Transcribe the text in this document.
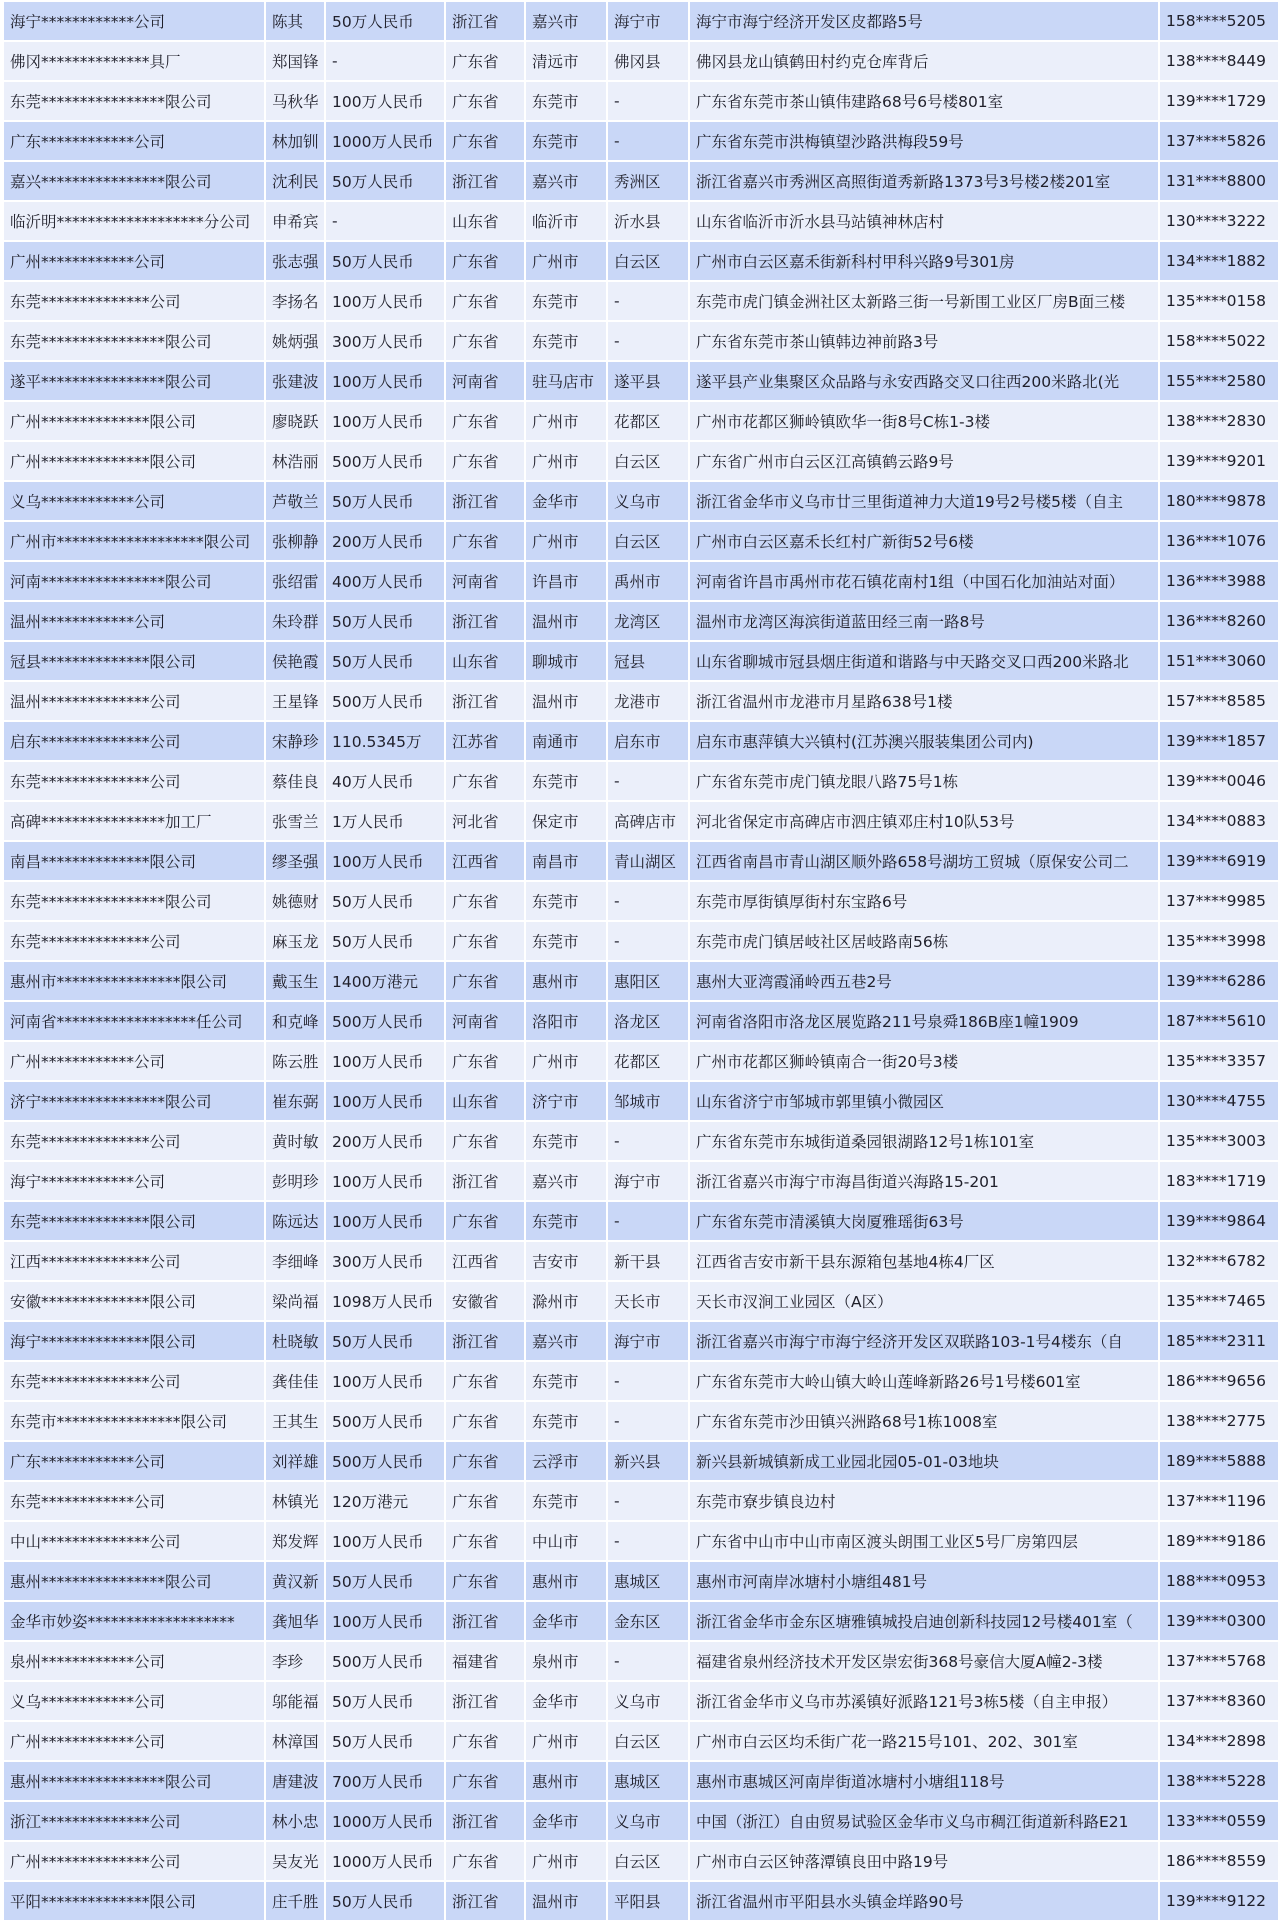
海宁************公司	陈其	50万人民币	浙江省	嘉兴市	海宁市	海宁市海宁经济开发区皮都路5号	158****5205
佛冈**************具厂	郑国锋	-	广东省	清远市	佛冈县	佛冈县龙山镇鹤田村约克仓库背后	138****8449
东莞****************限公司	马秋华	100万人民币	广东省	东莞市	-	广东省东莞市茶山镇伟建路68号6号楼801室	139****1729
广东************公司	林加钏	1000万人民币	广东省	东莞市	-	广东省东莞市洪梅镇望沙路洪梅段59号	137****5826
嘉兴****************限公司	沈利民	50万人民币	浙江省	嘉兴市	秀洲区	浙江省嘉兴市秀洲区高照街道秀新路1373号3号楼2楼201室	131****8800
临沂明*******************分公司	申希宾	-	山东省	临沂市	沂水县	山东省临沂市沂水县马站镇神林店村	130****3222
广州************公司	张志强	50万人民币	广东省	广州市	白云区	广州市白云区嘉禾街新科村甲科兴路9号301房	134****1882
东莞**************公司	李扬名	100万人民币	广东省	东莞市	-	东莞市虎门镇金洲社区太新路三街一号新围工业区厂房B面三楼	135****0158
东莞****************限公司	姚炳强	300万人民币	广东省	东莞市	-	广东省东莞市茶山镇韩边神前路3号	158****5022
遂平****************限公司	张建波	100万人民币	河南省	驻马店市	遂平县	遂平县产业集聚区众品路与永安西路交叉口往西200米路北(光	155****2580
广州**************限公司	廖晓跃	100万人民币	广东省	广州市	花都区	广州市花都区狮岭镇欧华一街8号C栋1-3楼	138****2830
广州**************限公司	林浩丽	500万人民币	广东省	广州市	白云区	广东省广州市白云区江高镇鹤云路9号	139****9201
义乌************公司	芦敬兰	50万人民币	浙江省	金华市	义乌市	浙江省金华市义乌市廿三里街道神力大道19号2号楼5楼（自主	180****9878
广州市*******************限公司	张柳静	200万人民币	广东省	广州市	白云区	广州市白云区嘉禾长红村广新街52号6楼	136****1076
河南****************限公司	张绍雷	400万人民币	河南省	许昌市	禹州市	河南省许昌市禹州市花石镇花南村1组（中国石化加油站对面）	136****3988
温州************公司	朱玲群	50万人民币	浙江省	温州市	龙湾区	温州市龙湾区海滨街道蓝田经三南一路8号	136****8260
冠县**************限公司	侯艳霞	50万人民币	山东省	聊城市	冠县	山东省聊城市冠县烟庄街道和谐路与中天路交叉口西200米路北	151****3060
温州**************公司	王星锋	500万人民币	浙江省	温州市	龙港市	浙江省温州市龙港市月星路638号1楼	157****8585
启东**************公司	宋静珍	110.5345万	江苏省	南通市	启东市	启东市惠萍镇大兴镇村(江苏澳兴服装集团公司内)	139****1857
东莞**************公司	蔡佳良	40万人民币	广东省	东莞市	-	广东省东莞市虎门镇龙眼八路75号1栋	139****0046
高碑****************加工厂	张雪兰	1万人民币	河北省	保定市	高碑店市	河北省保定市高碑店市泗庄镇邓庄村10队53号	134****0883
南昌**************限公司	缪圣强	100万人民币	江西省	南昌市	青山湖区	江西省南昌市青山湖区顺外路658号湖坊工贸城（原保安公司二	139****6919
东莞****************限公司	姚德财	50万人民币	广东省	东莞市	-	东莞市厚街镇厚街村东宝路6号	137****9985
东莞**************公司	麻玉龙	50万人民币	广东省	东莞市	-	东莞市虎门镇居岐社区居岐路南56栋	135****3998
惠州市****************限公司	戴玉生	1400万港元	广东省	惠州市	惠阳区	惠州大亚湾霞涌岭西五巷2号	139****6286
河南省******************任公司	和克峰	500万人民币	河南省	洛阳市	洛龙区	河南省洛阳市洛龙区展览路211号泉舜186B座1幢1909	187****5610
广州************公司	陈云胜	100万人民币	广东省	广州市	花都区	广州市花都区狮岭镇南合一街20号3楼	135****3357
济宁****************限公司	崔东弼	100万人民币	山东省	济宁市	邹城市	山东省济宁市邹城市郭里镇小微园区	130****4755
东莞**************公司	黄时敏	200万人民币	广东省	东莞市	-	广东省东莞市东城街道桑园银湖路12号1栋101室	135****3003
海宁************公司	彭明珍	100万人民币	浙江省	嘉兴市	海宁市	浙江省嘉兴市海宁市海昌街道兴海路15-201	183****1719
东莞**************限公司	陈远达	100万人民币	广东省	东莞市	-	广东省东莞市清溪镇大岗厦雅瑶街63号	139****9864
江西**************公司	李细峰	300万人民币	江西省	吉安市	新干县	江西省吉安市新干县东源箱包基地4栋4厂区	132****6782
安徽**************限公司	梁尚福	1098万人民币	安徽省	滁州市	天长市	天长市汊涧工业园区（A区）	135****7465
海宁**************限公司	杜晓敏	50万人民币	浙江省	嘉兴市	海宁市	浙江省嘉兴市海宁市海宁经济开发区双联路103-1号4楼东（自	185****2311
东莞**************公司	龚佳佳	100万人民币	广东省	东莞市	-	广东省东莞市大岭山镇大岭山莲峰新路26号1号楼601室	186****9656
东莞市****************限公司	王其生	500万人民币	广东省	东莞市	-	广东省东莞市沙田镇兴洲路68号1栋1008室	138****2775
广东************公司	刘祥雄	500万人民币	广东省	云浮市	新兴县	新兴县新城镇新成工业园北园05-01-03地块	189****5888
东莞************公司	林镇光	120万港元	广东省	东莞市	-	东莞市寮步镇良边村	137****1196
中山**************公司	郑发辉	100万人民币	广东省	中山市	-	广东省中山市中山市南区渡头朗围工业区5号厂房第四层	189****9186
惠州****************限公司	黄汉新	50万人民币	广东省	惠州市	惠城区	惠州市河南岸冰塘村小塘组481号	188****0953
金华市妙姿*******************	龚旭华	100万人民币	浙江省	金华市	金东区	浙江省金华市金东区塘雅镇城投启迪创新科技园12号楼401室（	139****0300
泉州************公司	李珍	500万人民币	福建省	泉州市	-	福建省泉州经济技术开发区崇宏街368号豪信大厦A幢2-3楼	137****5768
义乌************公司	邬能福	50万人民币	浙江省	金华市	义乌市	浙江省金华市义乌市苏溪镇好派路121号3栋5楼（自主申报）	137****8360
广州************公司	林漳国	50万人民币	广东省	广州市	白云区	广州市白云区均禾街广花一路215号101、202、301室	134****2898
惠州****************限公司	唐建波	700万人民币	广东省	惠州市	惠城区	惠州市惠城区河南岸街道冰塘村小塘组118号	138****5228
浙江**************公司	林小忠	1000万人民币	浙江省	金华市	义乌市	中国（浙江）自由贸易试验区金华市义乌市稠江街道新科路E21	133****0559
广州**************公司	吴友光	1000万人民币	广东省	广州市	白云区	广州市白云区钟落潭镇良田中路19号	186****8559
平阳**************限公司	庄千胜	50万人民币	浙江省	温州市	平阳县	浙江省温州市平阳县水头镇金垟路90号	139****9122
